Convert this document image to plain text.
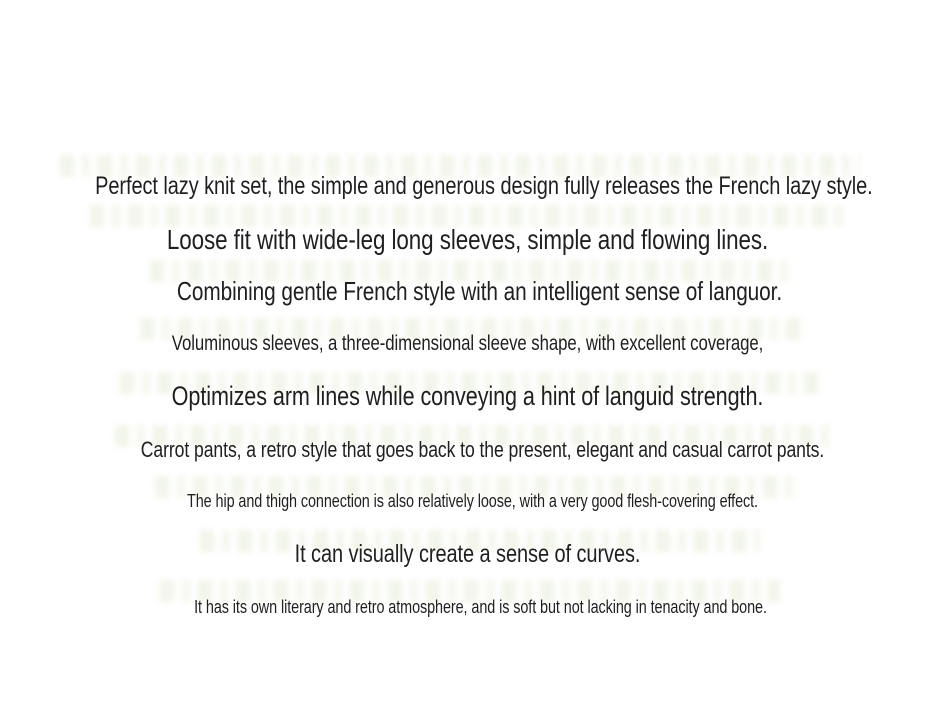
Perfect lazy knit set, the simple and generous design fully releases the French lazy style.
Loose fit with wide-leg long sleeves, simple and flowing lines.
Combining gentle French style with an intelligent sense of languor.
Voluminous sleeves, a three-dimensional sleeve shape, with excellent coverage,
Optimizes arm lines while conveying a hint of languid strength.
Carrot pants, a retro style that goes back to the present, elegant and casual carrot pants.
The hip and thigh connection is also relatively loose, with a very good flesh-covering effect.
It can visually create a sense of curves.
It has its own literary and retro atmosphere, and is soft but not lacking in tenacity and bone.
